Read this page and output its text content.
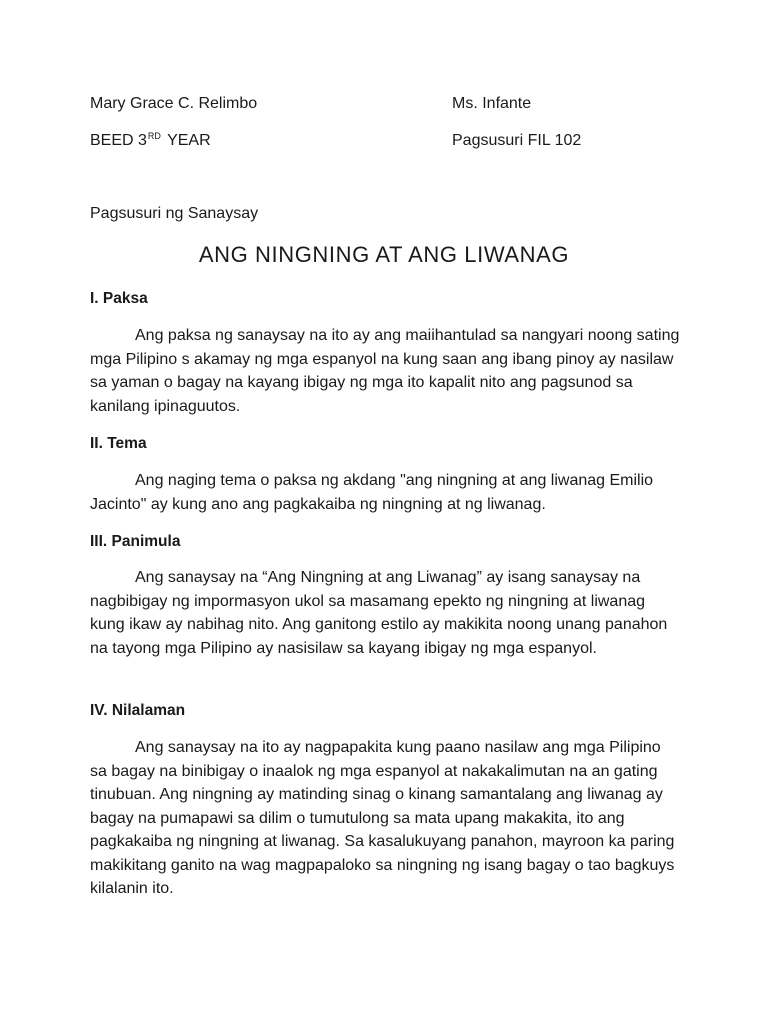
Mary Grace C. Relimbo	Ms. Infante
BEED 3RD YEAR	Pagsusuri FIL 102
Pagsusuri ng Sanaysay
ANG NINGNING AT ANG LIWANAG
I. Paksa

Ang paksa ng sanaysay na ito ay ang maiihantulad sa nangyari noong sating mga Pilipino s akamay ng mga espanyol na kung saan ang ibang pinoy ay nasilaw sa yaman o bagay na kayang ibigay ng mga ito kapalit nito ang pagsunod sa kanilang ipinaguutos.

II. Tema

Ang naging tema o paksa ng akdang "ang ningning at ang liwanag Emilio Jacinto" ay kung ano ang pagkakaiba ng ningning at ng liwanag.

III. Panimula

Ang sanaysay na “Ang Ningning at ang Liwanag” ay isang sanaysay na nagbibigay ng impormasyon ukol sa masamang epekto ng ningning at liwanag kung ikaw ay nabihag nito. Ang ganitong estilo ay makikita noong unang panahon na tayong mga Pilipino ay nasisilaw sa kayang ibigay ng mga espanyol.

IV. Nilalaman

Ang sanaysay na ito ay nagpapakita kung paano nasilaw ang mga Pilipino sa bagay na binibigay o inaalok ng mga espanyol at nakakalimutan na an gating tinubuan. Ang ningning ay matinding sinag o kinang samantalang ang liwanag ay bagay na pumapawi sa dilim o tumutulong sa mata upang makakita, ito ang pagkakaiba ng ningning at liwanag. Sa kasalukuyang panahon, mayroon ka paring makikitang ganito na wag magpapaloko sa ningning ng isang bagay o tao bagkuys kilalanin ito.
